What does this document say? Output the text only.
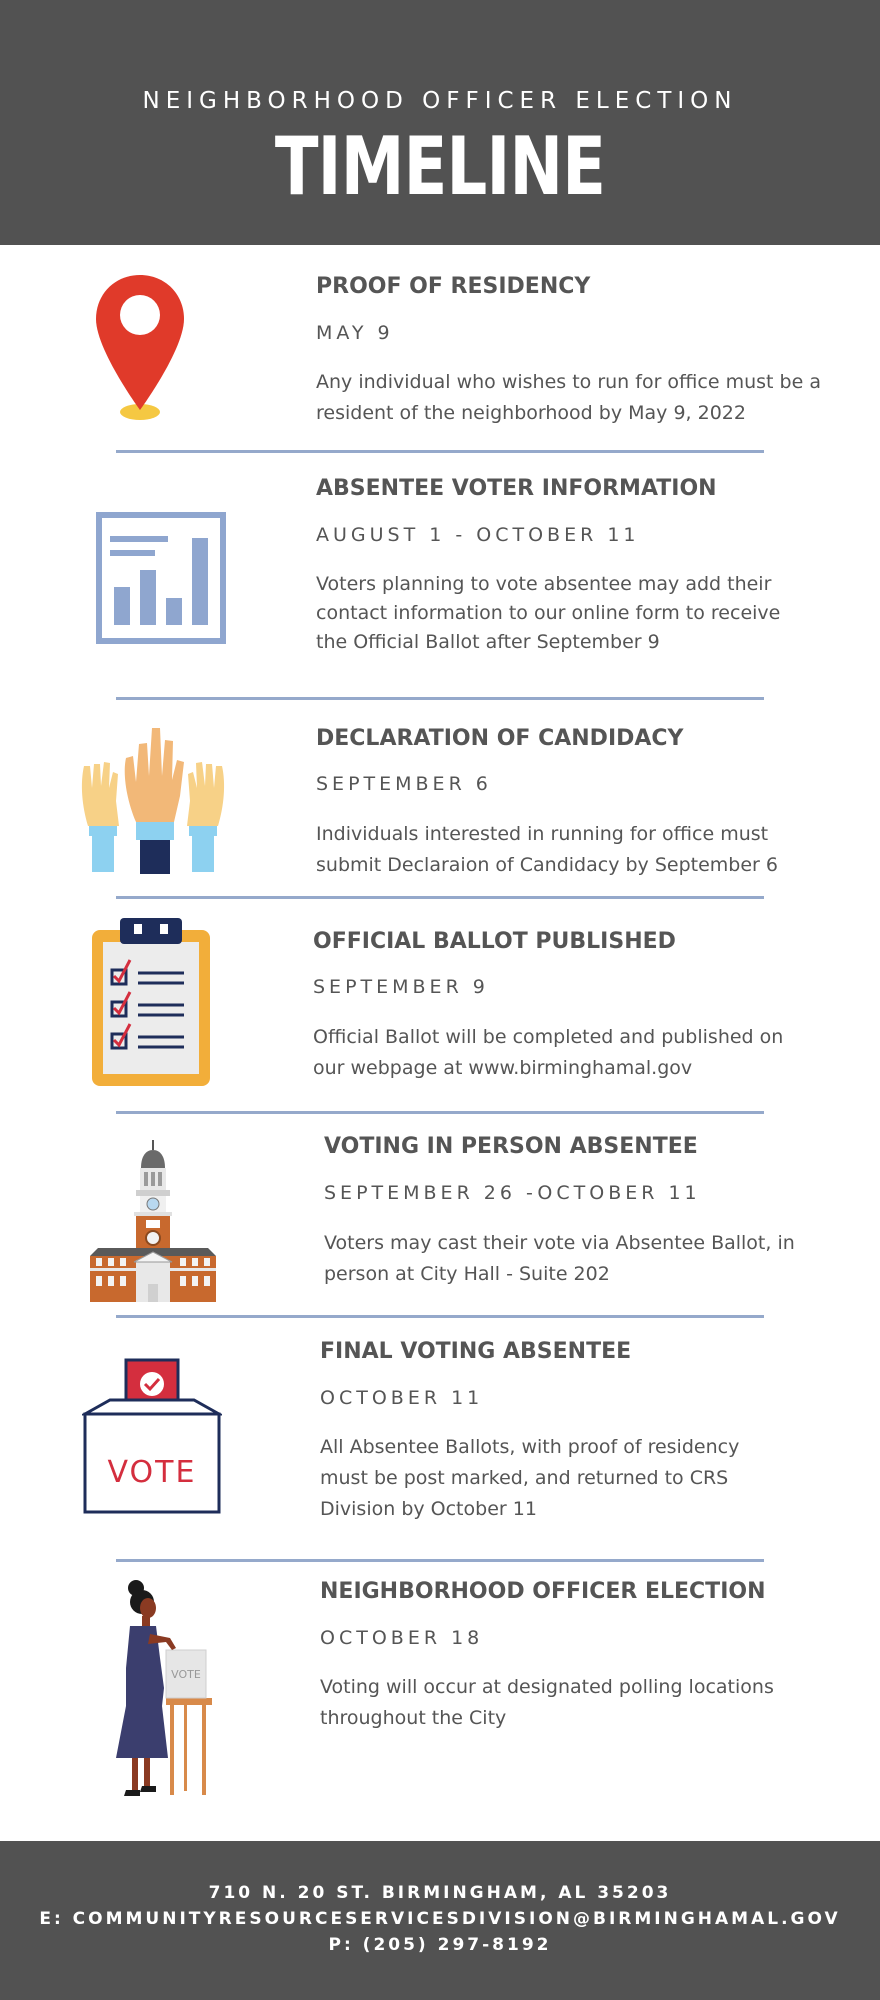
NEIGHBORHOOD OFFICER ELECTION
TIMELINE
PROOF OF RESIDENCY
MAY 9
Any individual who wishes to run for office must be a resident of the neighborhood by May 9, 2022
ABSENTEE VOTER INFORMATION
AUGUST 1 - OCTOBER 11
Voters planning to vote absentee may add their contact information to our online form to receive the Official Ballot after September 9
DECLARATION OF CANDIDACY
SEPTEMBER 6
Individuals interested in running for office must submit Declaraion of Candidacy by September 6
OFFICIAL BALLOT PUBLISHED
SEPTEMBER 9
Official Ballot will be completed and published on our webpage at www.birminghamal.gov
VOTING IN PERSON ABSENTEE
SEPTEMBER 26 -OCTOBER 11
Voters may cast their vote via Absentee Ballot, in person at City Hall - Suite 202
VOTE
FINAL VOTING ABSENTEE
OCTOBER 11
All Absentee Ballots, with proof of residency must be post marked, and returned to CRS Division by October 11
VOTE
NEIGHBORHOOD OFFICER ELECTION
OCTOBER 18
Voting will occur at designated polling locations throughout the City
710 N. 20 ST. BIRMINGHAM, AL 35203
E: COMMUNITYRESOURCESERVICESDIVISION@BIRMINGHAMAL.GOV
P: (205) 297-8192
